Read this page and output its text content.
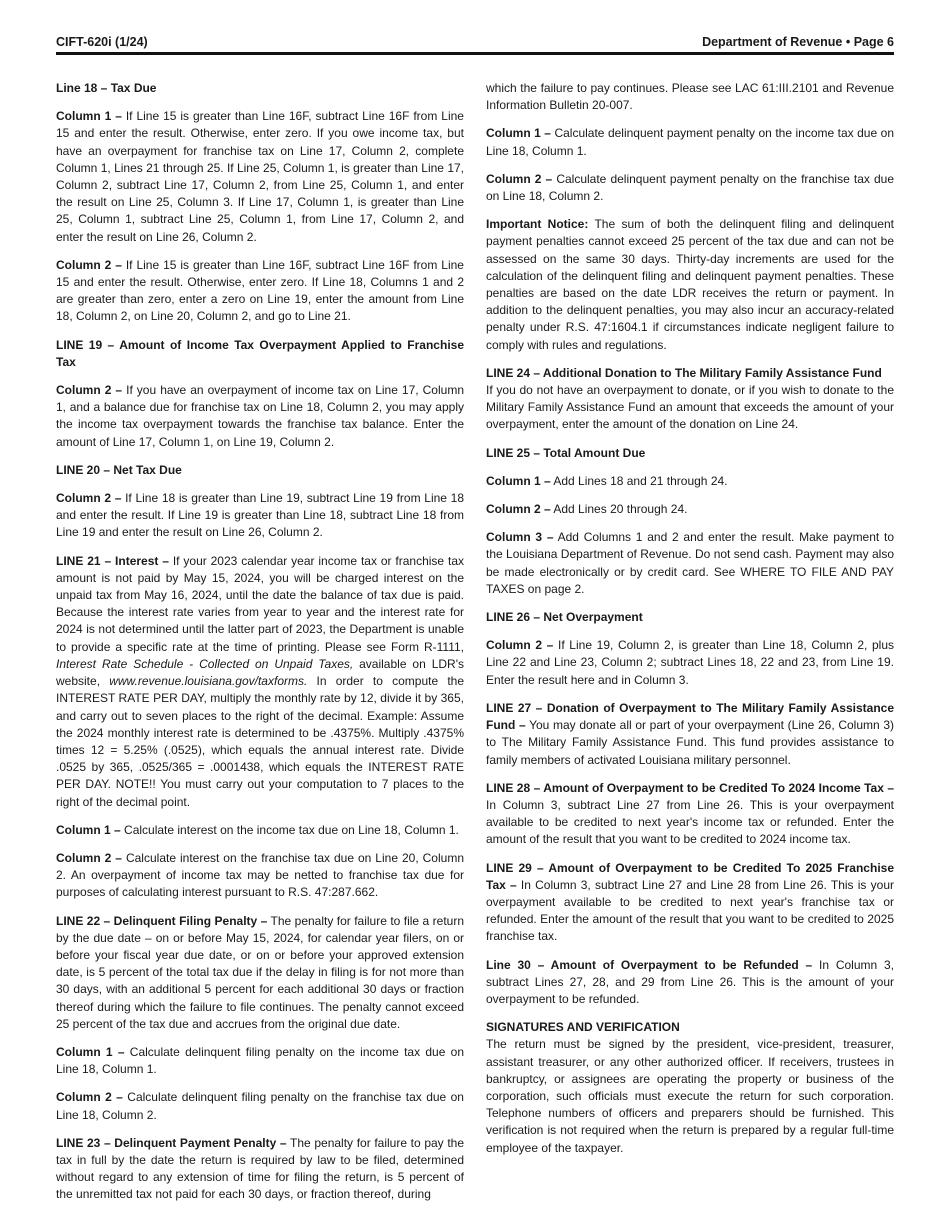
CIFT-620i (1/24)	Department of Revenue • Page 6

Line 18 – Tax Due

Column 1 – If Line 15 is greater than Line 16F, subtract Line 16F from Line 15 and enter the result. Otherwise, enter zero. If you owe income tax, but have an overpayment for franchise tax on Line 17, Column 2, complete Column 1, Lines 21 through 25. If Line 25, Column 1, is greater than Line 17, Column 2, subtract Line 17, Column 2, from Line 25, Column 1, and enter the result on Line 25, Column 3. If Line 17, Column 1, is greater than Line 25, Column 1, subtract Line 25, Column 1, from Line 17, Column 2, and enter the result on Line 26, Column 2.

Column 2 – If Line 15 is greater than Line 16F, subtract Line 16F from Line 15 and enter the result. Otherwise, enter zero. If Line 18, Columns 1 and 2 are greater than zero, enter a zero on Line 19, enter the amount from Line 18, Column 2, on Line 20, Column 2, and go to Line 21.

LINE 19 – Amount of Income Tax Overpayment Applied to Franchise Tax

Column 2 – If you have an overpayment of income tax on Line 17, Column 1, and a balance due for franchise tax on Line 18, Column 2, you may apply the income tax overpayment towards the franchise tax balance. Enter the amount of Line 17, Column 1, on Line 19, Column 2.

LINE 20 – Net Tax Due

Column 2 – If Line 18 is greater than Line 19, subtract Line 19 from Line 18 and enter the result. If Line 19 is greater than Line 18, subtract Line 18 from Line 19 and enter the result on Line 26, Column 2.

LINE 21 – Interest – If your 2023 calendar year income tax or franchise tax amount is not paid by May 15, 2024, you will be charged interest on the unpaid tax from May 16, 2024, until the date the balance of tax due is paid. Because the interest rate varies from year to year and the interest rate for 2024 is not determined until the latter part of 2023, the Department is unable to provide a specific rate at the time of printing. Please see Form R-1111, Interest Rate Schedule - Collected on Unpaid Taxes, available on LDR's website, www.revenue.louisiana.gov/taxforms. In order to compute the INTEREST RATE PER DAY, multiply the monthly rate by 12, divide it by 365, and carry out to seven places to the right of the decimal. Example: Assume the 2024 monthly interest rate is determined to be .4375%. Multiply .4375% times 12 = 5.25% (.0525), which equals the annual interest rate. Divide .0525 by 365, .0525/365 = .0001438, which equals the INTEREST RATE PER DAY. NOTE!! You must carry out your computation to 7 places to the right of the decimal point.

Column 1 – Calculate interest on the income tax due on Line 18, Column 1.

Column 2 – Calculate interest on the franchise tax due on Line 20, Column 2. An overpayment of income tax may be netted to franchise tax due for purposes of calculating interest pursuant to R.S. 47:287.662.

LINE 22 – Delinquent Filing Penalty – The penalty for failure to file a return by the due date – on or before May 15, 2024, for calendar year filers, on or before your fiscal year due date, or on or before your approved extension date, is 5 percent of the total tax due if the delay in filing is for not more than 30 days, with an additional 5 percent for each additional 30 days or fraction thereof during which the failure to file continues. The penalty cannot exceed 25 percent of the tax due and accrues from the original due date.

Column 1 – Calculate delinquent filing penalty on the income tax due on Line 18, Column 1.

Column 2 – Calculate delinquent filing penalty on the franchise tax due on Line 18, Column 2.

LINE 23 – Delinquent Payment Penalty – The penalty for failure to pay the tax in full by the date the return is required by law to be filed, determined without regard to any extension of time for filing the return, is 5 percent of the unremitted tax not paid for each 30 days, or fraction thereof, during

which the failure to pay continues. Please see LAC 61:III.2101 and Revenue Information Bulletin 20-007.

Column 1 – Calculate delinquent payment penalty on the income tax due on Line 18, Column 1.

Column 2 – Calculate delinquent payment penalty on the franchise tax due on Line 18, Column 2.

Important Notice: The sum of both the delinquent filing and delinquent payment penalties cannot exceed 25 percent of the tax due and can not be assessed on the same 30 days. Thirty-day increments are used for the calculation of the delinquent filing and delinquent payment penalties. These penalties are based on the date LDR receives the return or payment. In addition to the delinquent penalties, you may also incur an accuracy-related penalty under R.S. 47:1604.1 if circumstances indicate negligent failure to comply with rules and regulations.

LINE 24 – Additional Donation to The Military Family Assistance Fund
If you do not have an overpayment to donate, or if you wish to donate to the Military Family Assistance Fund an amount that exceeds the amount of your overpayment, enter the amount of the donation on Line 24.

LINE 25 – Total Amount Due

Column 1 – Add Lines 18 and 21 through 24.

Column 2 – Add Lines 20 through 24.

Column 3 – Add Columns 1 and 2 and enter the result. Make payment to the Louisiana Department of Revenue. Do not send cash. Payment may also be made electronically or by credit card. See WHERE TO FILE AND PAY TAXES on page 2.

LINE 26 – Net Overpayment

Column 2 – If Line 19, Column 2, is greater than Line 18, Column 2, plus Line 22 and Line 23, Column 2; subtract Lines 18, 22 and 23, from Line 19. Enter the result here and in Column 3.

LINE 27 – Donation of Overpayment to The Military Family Assistance Fund – You may donate all or part of your overpayment (Line 26, Column 3) to The Military Family Assistance Fund. This fund provides assistance to family members of activated Louisiana military personnel.

LINE 28 – Amount of Overpayment to be Credited To 2024 Income Tax – In Column 3, subtract Line 27 from Line 26. This is your overpayment available to be credited to next year's income tax or refunded. Enter the amount of the result that you want to be credited to 2024 income tax.

LINE 29 – Amount of Overpayment to be Credited To 2025 Franchise Tax – In Column 3, subtract Line 27 and Line 28 from Line 26. This is your overpayment available to be credited to next year's franchise tax or refunded. Enter the amount of the result that you want to be credited to 2025 franchise tax.

Line 30 – Amount of Overpayment to be Refunded – In Column 3, subtract Lines 27, 28, and 29 from Line 26. This is the amount of your overpayment to be refunded.

SIGNATURES AND VERIFICATION
The return must be signed by the president, vice-president, treasurer, assistant treasurer, or any other authorized officer. If receivers, trustees in bankruptcy, or assignees are operating the property or business of the corporation, such officials must execute the return for such corporation. Telephone numbers of officers and preparers should be furnished. This verification is not required when the return is prepared by a regular full-time employee of the taxpayer.
